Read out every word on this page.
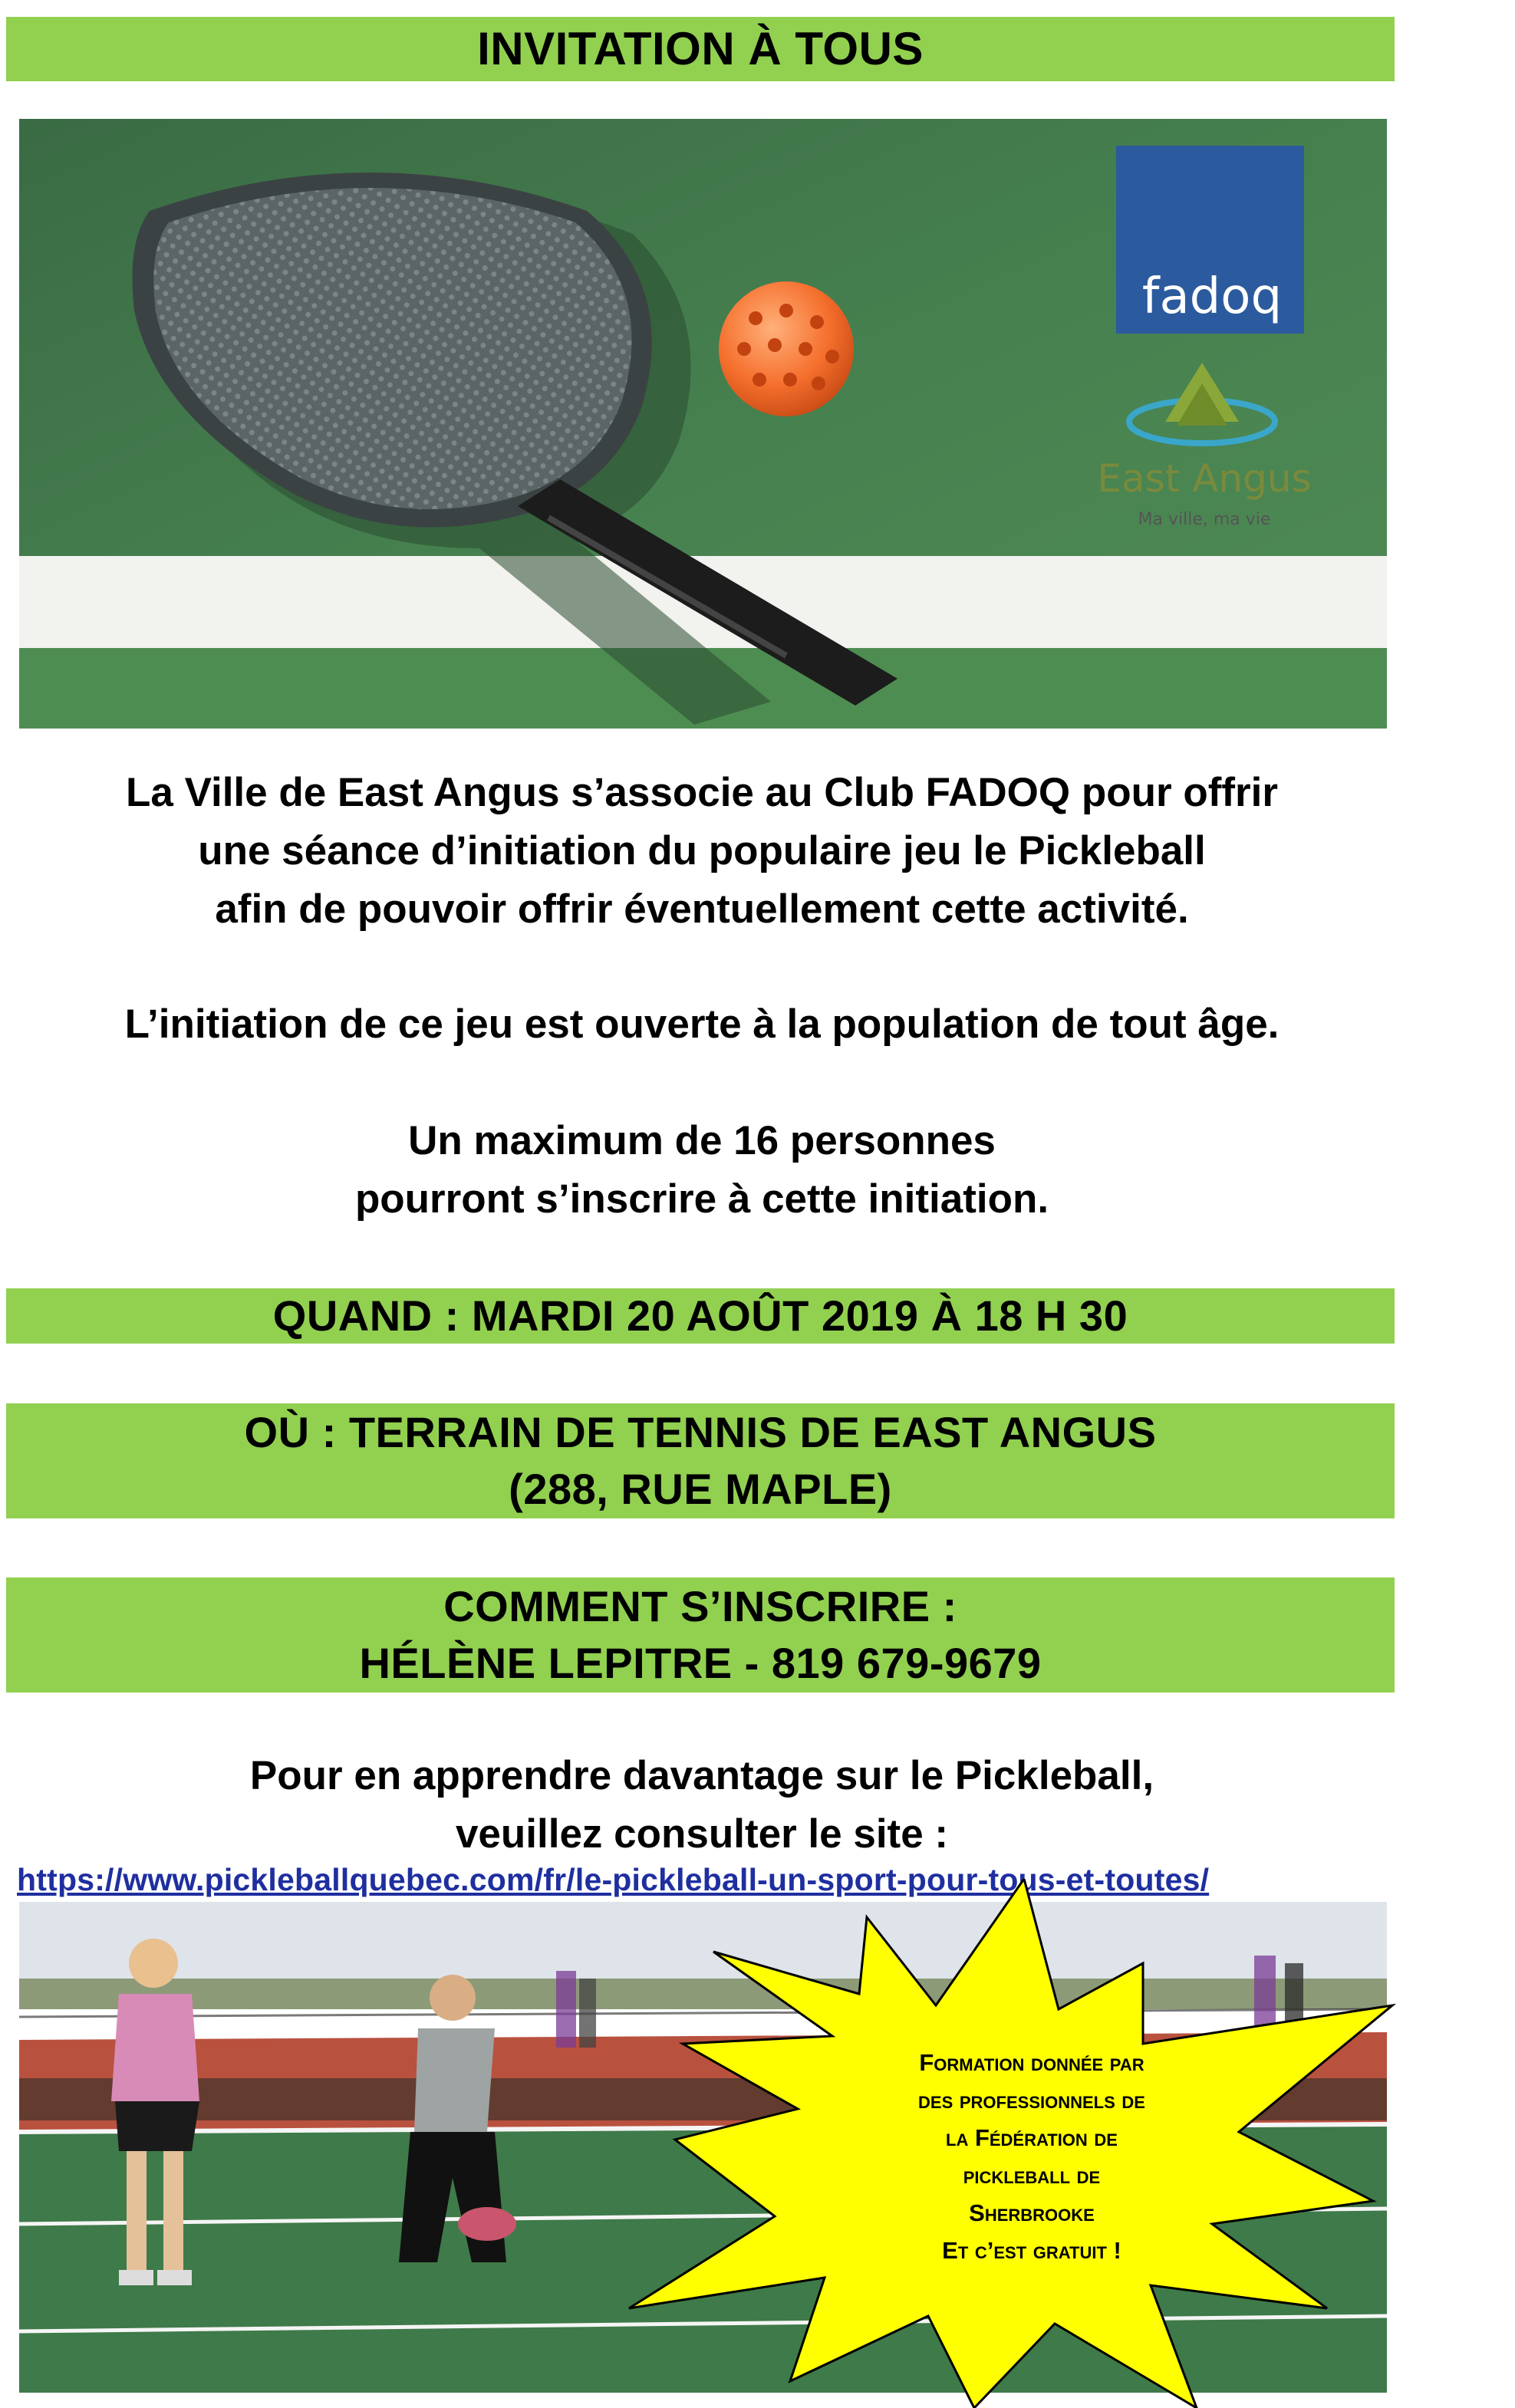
INVITATION À TOUS
fadoq
East Angus
Ma ville, ma vie
La Ville de East Angus s’associe au Club FADOQ pour offrir
une séance d’initiation du populaire jeu le Pickleball
afin de pouvoir offrir éventuellement cette activité.
L’initiation de ce jeu est ouverte à la population de tout âge.
Un maximum de 16 personnes
pourront s’inscrire à cette initiation.
QUAND : MARDI 20 AOÛT 2019 À 18 H 30
OÙ : TERRAIN DE TENNIS DE EAST ANGUS
(288, RUE MAPLE)
COMMENT S’INSCRIRE :
HÉLÈNE LEPITRE - 819 679-9679
Pour en apprendre davantage sur le Pickleball,
veuillez consulter le site :
https://www.pickleballquebec.com/fr/le-pickleball-un-sport-pour-tous-et-toutes/
Formation donnée par
des professionnels de
la Fédération de
pickleball de
Sherbrooke
Et c’est gratuit !
